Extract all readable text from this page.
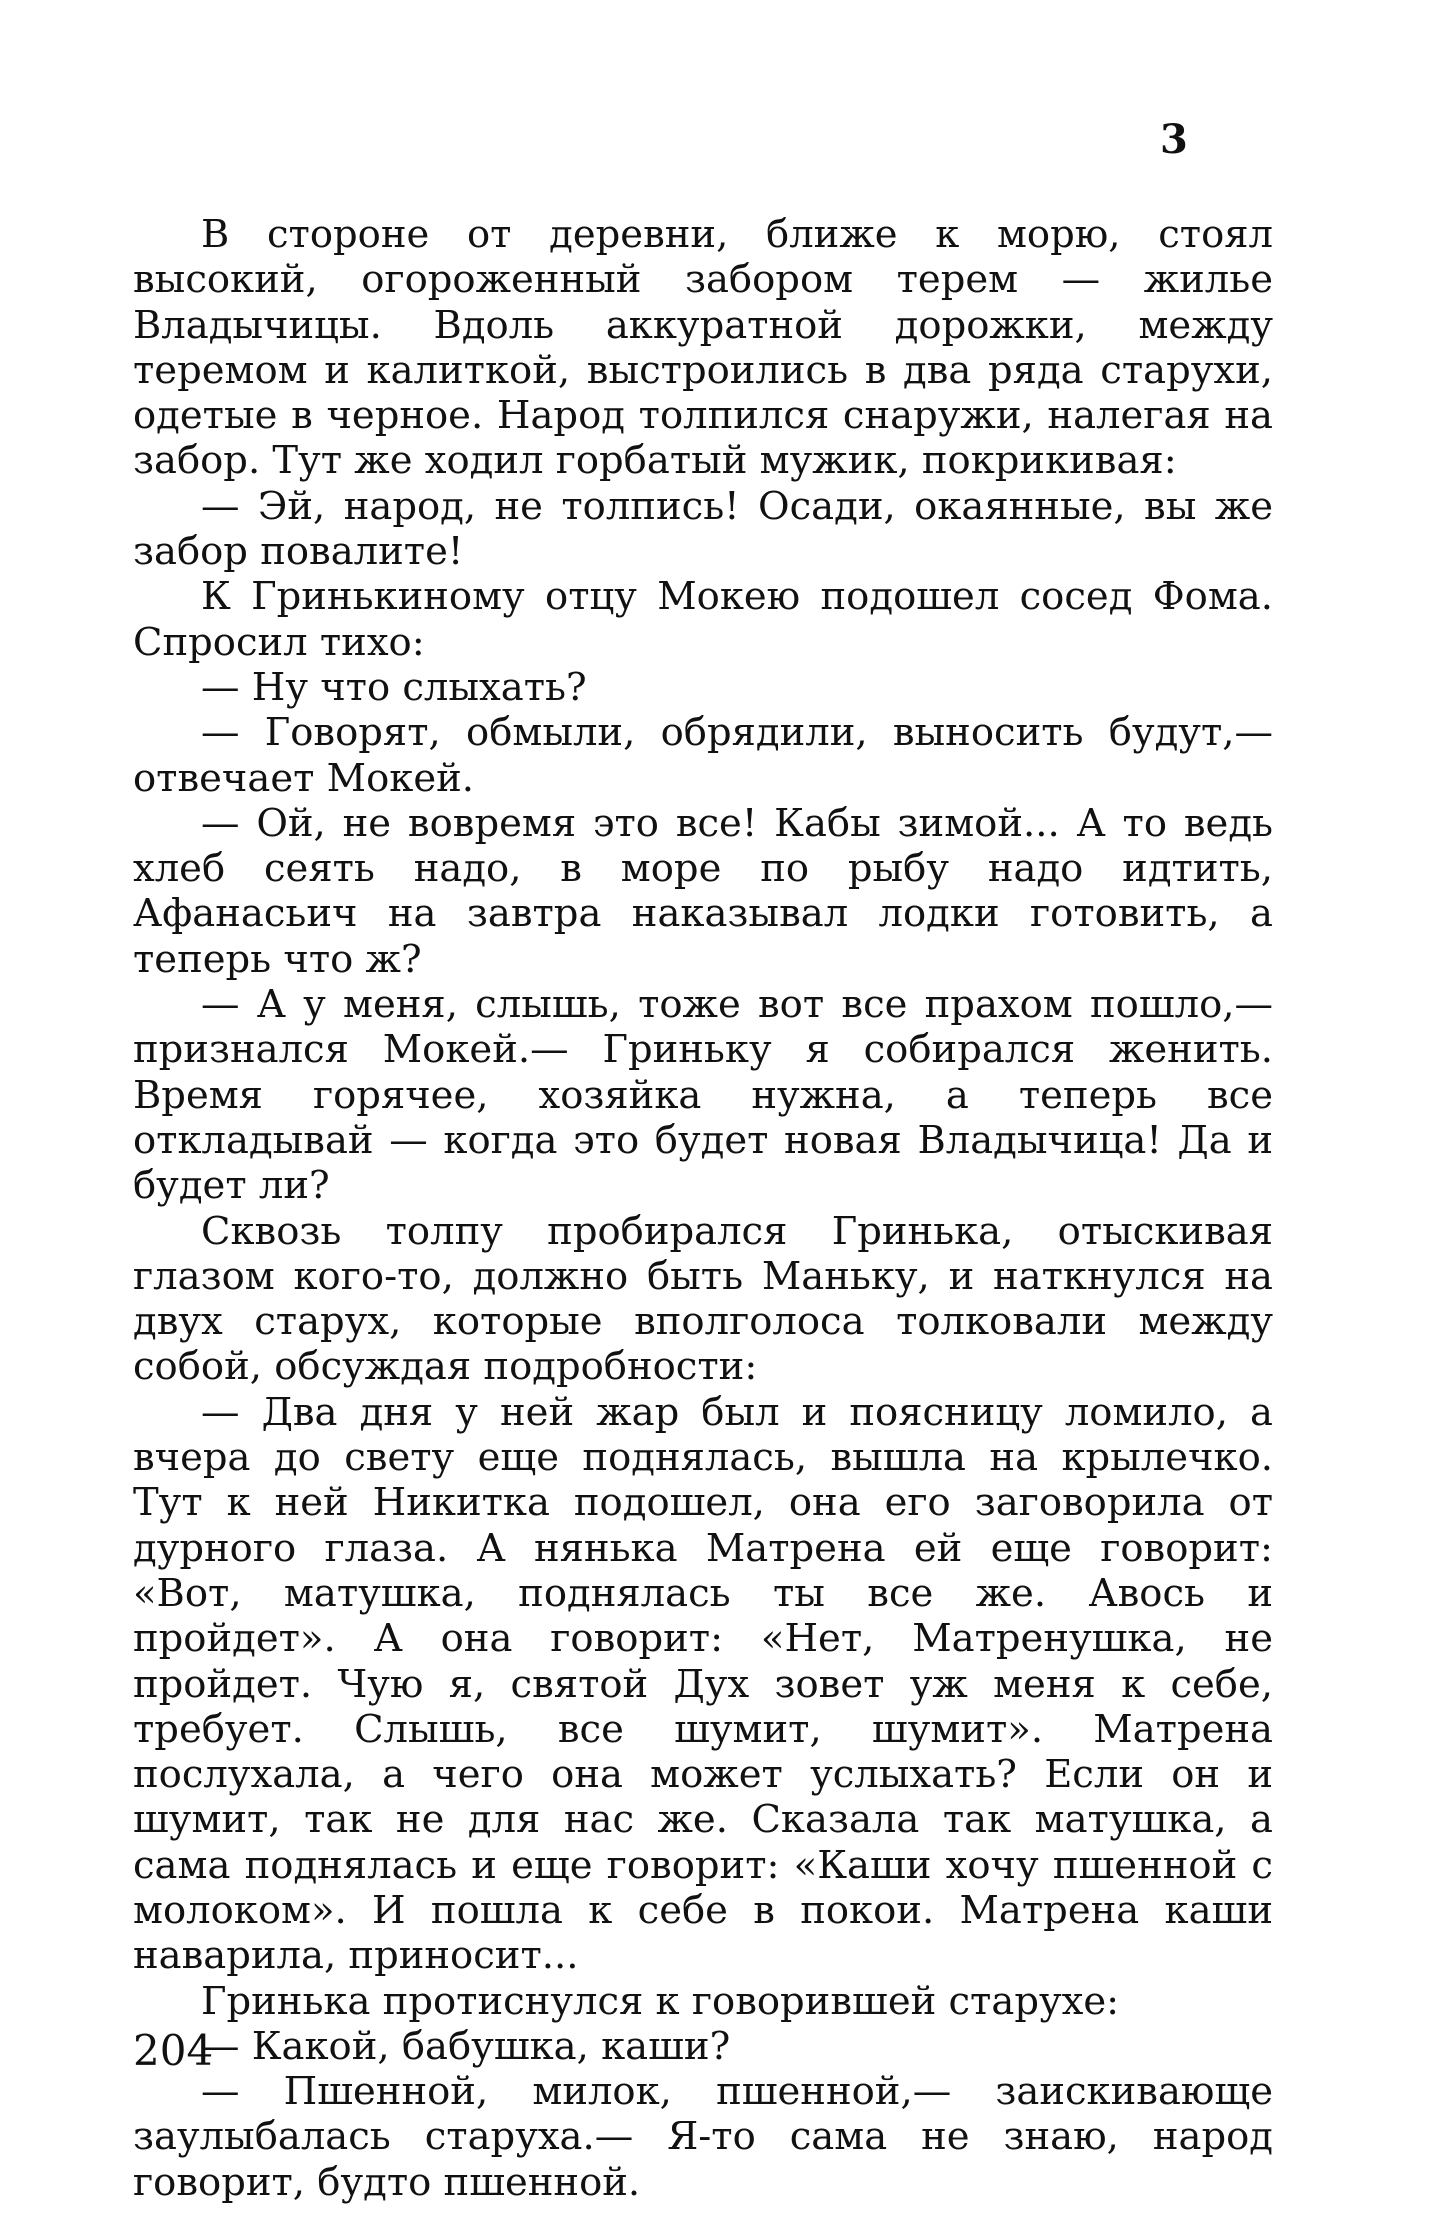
3

В стороне от деревни, ближе к морю, стоял высокий, огороженный забором терем — жилье Владычицы. Вдоль аккуратной дорожки, между теремом и калиткой, выстроились в два ряда старухи, одетые в черное. Народ толпился снаружи, налегая на забор. Тут же ходил горбатый мужик, покрикивая:

— Эй, народ, не толпись! Осади, окаянные, вы же забор повалите!

К Гринькиному отцу Мокею подошел сосед Фома. Спросил тихо:

— Ну что слыхать?

— Говорят, обмыли, обрядили, выносить будут,— отвечает Мокей.

— Ой, не вовремя это все! Кабы зимой... А то ведь хлеб сеять надо, в море по рыбу надо идтить, Афанасьич на завтра наказывал лодки готовить, а теперь что ж?

— А у меня, слышь, тоже вот все прахом пошло,— признался Мокей.— Гриньку я собирался женить. Время горячее, хозяйка нужна, а теперь все откладывай — когда это будет новая Владычица! Да и будет ли?

Сквозь толпу пробирался Гринька, отыскивая глазом кого-то, должно быть Маньку, и наткнулся на двух старух, которые вполголоса толковали между собой, обсуждая подробности:

— Два дня у ней жар был и поясницу ломило, а вчера до свету еще поднялась, вышла на крылечко. Тут к ней Никитка подошел, она его заговорила от дурного глаза. А нянька Матрена ей еще говорит: «Вот, матушка, поднялась ты все же. Авось и пройдет». А она говорит: «Нет, Матренушка, не пройдет. Чую я, святой Дух зовет уж меня к себе, требует. Слышь, все шумит, шумит». Матрена послухала, а чего она может услыхать? Если он и шумит, так не для нас же. Сказала так матушка, а сама поднялась и еще говорит: «Каши хочу пшенной с молоком». И пошла к себе в покои. Матрена каши наварила, приносит...

Гринька протиснулся к говорившей старухе:

— Какой, бабушка, каши?

— Пшенной, милок, пшенной,— заискивающе заулыбалась старуха.— Я-то сама не знаю, народ говорит, будто пшенной.

204
